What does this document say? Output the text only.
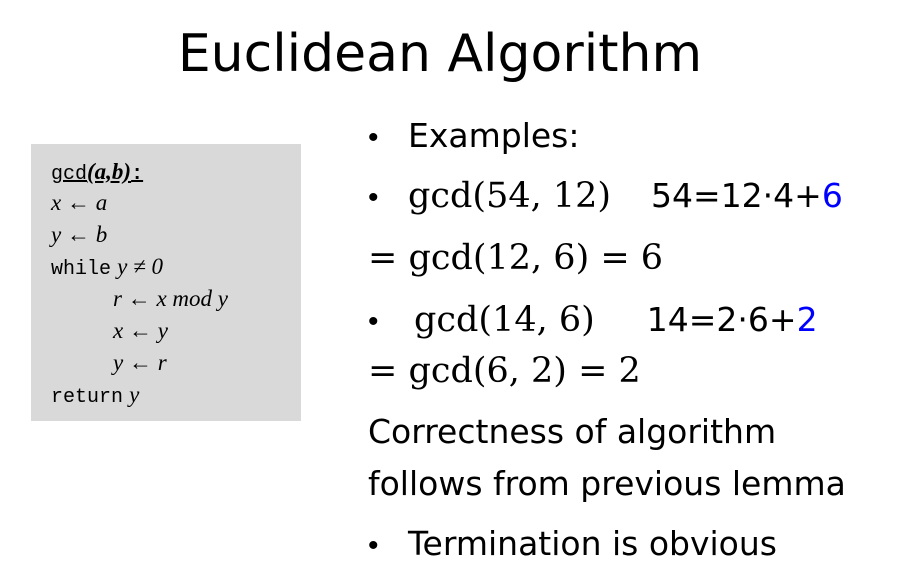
Euclidean Algorithm
gcd(a,b):
x ← a
y ← b
while y ≠ 0
r ← x mod y
x ← y
y ← r
return y
• Examples:
• gcd(54, 12) 54=12·4+6
= gcd(12, 6) = 6
• gcd(14, 6) 14=2·6+2
= gcd(6, 2) = 2
Correctness of algorithm
follows from previous lemma
• Termination is obvious
